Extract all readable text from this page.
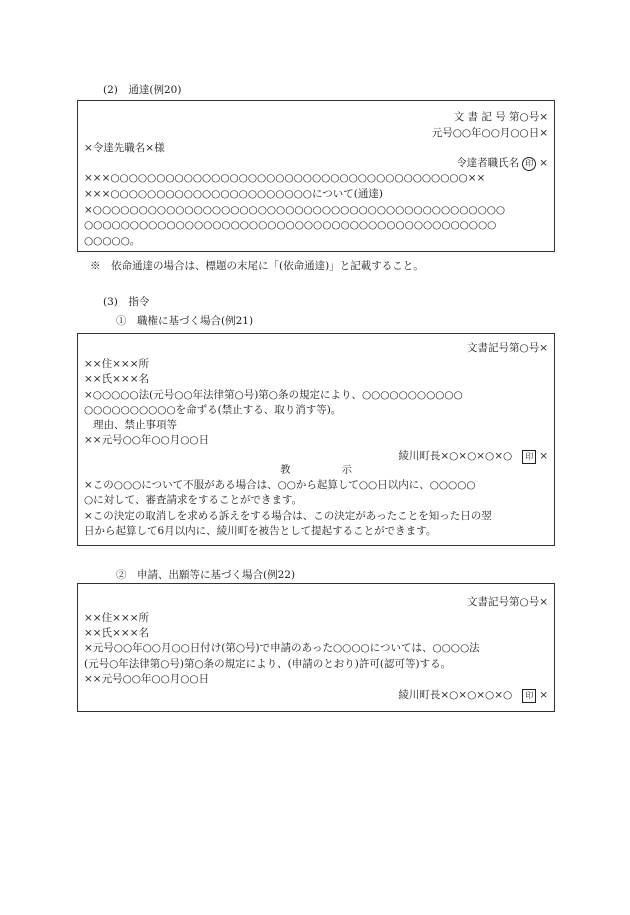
(2)　通達(例20)
文 書 記 号 第○号×
元号○○年○○月○○日×
×令達先職名×様
令達者職氏名 印 ×
×××○○○○○○○○○○○○○○○○○○○○○○○○○○○○○○○○○○○○○○○××
×××○○○○○○○○○○○○○○○○○○○○○○について(通達)
×○○○○○○○○○○○○○○○○○○○○○○○○○○○○○○○○○○○○○○○○○○○○○
○○○○○○○○○○○○○○○○○○○○○○○○○○○○○○○○○○○○○○○○○○○○○
○○○○○。
※　依命通達の場合は、標題の末尾に「(依命通達)」と記載すること。
(3)　指令
①　職権に基づく場合(例21)
文書記号第○号×
××住×××所
××氏×××名
×○○○○○法(元号○○年法律第○号)第○条の規定により、○○○○○○○○○○○
○○○○○○○○○○を命ずる(禁止する、取り消す等)。
理由、禁止事項等
××元号○○年○○月○○日
綾川町長×○×○×○×○ 印 ×
教　　　　　示
×この○○○について不服がある場合は、○○から起算して○○日以内に、○○○○○
○に対して、審査請求をすることができます。
×この決定の取消しを求める訴えをする場合は、この決定があったことを知った日の翌
日から起算して6月以内に、綾川町を被告として提起することができます。
②　申請、出願等に基づく場合(例22)
文書記号第○号×
××住×××所
××氏×××名
×元号○○年○○月○○日付け(第○号)で申請のあった○○○○については、○○○○法
(元号○年法律第○号)第○条の規定により、(申請のとおり)許可(認可等)する。
××元号○○年○○月○○日
綾川町長×○×○×○×○ 印 ×
